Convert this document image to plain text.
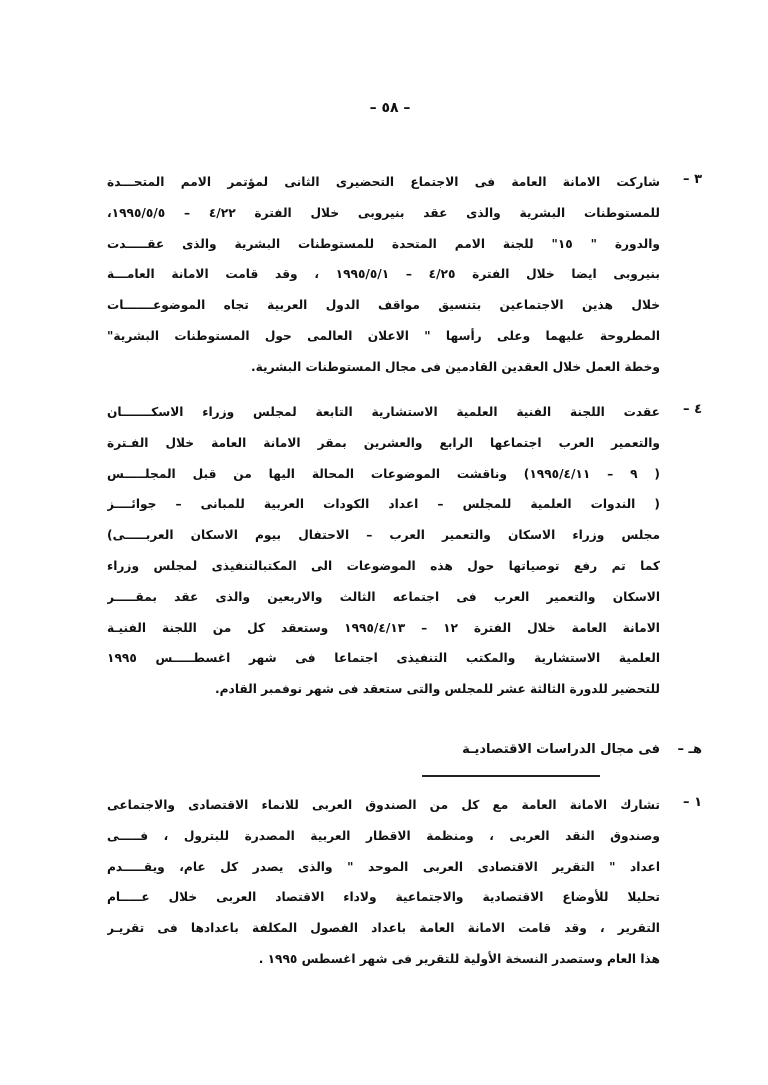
– ٥٨ –
٣ –
شاركت الامانة العامة فى الاجتماع التحضيرى الثانى لمؤتمر الامم المتحـــدة
للمستوطنات البشرية والذى عقد بنيروبى خلال الفترة ٤/٢٢ – ١٩٩٥/٥/٥،
والدورة " ١٥" للجنة الامم المتحدة للمستوطنات البشرية والذى عقـــــدت
بنيروبى ايضا خلال الفترة ٤/٢٥ – ١٩٩٥/٥/١ ، وقد قامت الامانة العامـــة
خلال هذين الاجتماعين بتنسيق مواقف الدول العربية تجاه الموضوعـــــــات
المطروحة عليهما وعلى رأسها " الاعلان العالمى حول المستوطنات البشرية"
وخطة العمل خلال العقدين القادمين فى مجال المستوطنات البشرية.
٤ –
عقدت اللجنة الفنية العلمية الاستشارية التابعة لمجلس وزراء الاسكـــــــان
والتعمير العرب اجتماعها الرابع والعشرين بمقر الامانة العامة خلال الفـترة
( ٩ – ١٩٩٥/٤/١١) وناقشت الموضوعات المحالة اليها من قبل المجلـــــس
( الندوات العلمية للمجلس – اعداد الكودات العربية للمبانى – جوائــــز
مجلس وزراء الاسكان والتعمير العرب – الاحتفال بيوم الاسكان العربـــــى)
كما تم رفع توصياتها حول هذه الموضوعات الى المكتبالتنفيذى لمجلس وزراء
الاسكان والتعمير العرب فى اجتماعه الثالث والاربعين والذى عقد بمقـــــر
الامانة العامة خلال الفترة ١٢ – ١٩٩٥/٤/١٣ وستعقد كل من اللجنة الفنيـة
العلمية الاستشارية والمكتب التنفيذى اجتماعا فى شهر اغسطـــــس ١٩٩٥
للتحضير للدورة الثالثة عشر للمجلس والتى ستعقد فى شهر نوفمبر القادم.
هـ –
فى مجال الدراسات الاقتصاديـة
١ –
تشارك الامانة العامة مع كل من الصندوق العربى للانماء الاقتصادى والاجتماعى
وصندوق النقد العربى ، ومنظمة الاقطار العربية المصدرة للبترول ، فـــــى
اعداد " التقرير الاقتصادى العربى الموحد " والذى يصدر كل عام، ويقـــــدم
تحليلا للأوضاع الاقتصادية والاجتماعية ولاداء الاقتصاد العربى خلال عـــــام
التقرير ، وقد قامت الامانة العامة باعداد الفصول المكلفة باعدادها فى تقريـر
هذا العام وستصدر النسخة الأولية للتقرير فى شهر اغسطس ١٩٩٥ .
